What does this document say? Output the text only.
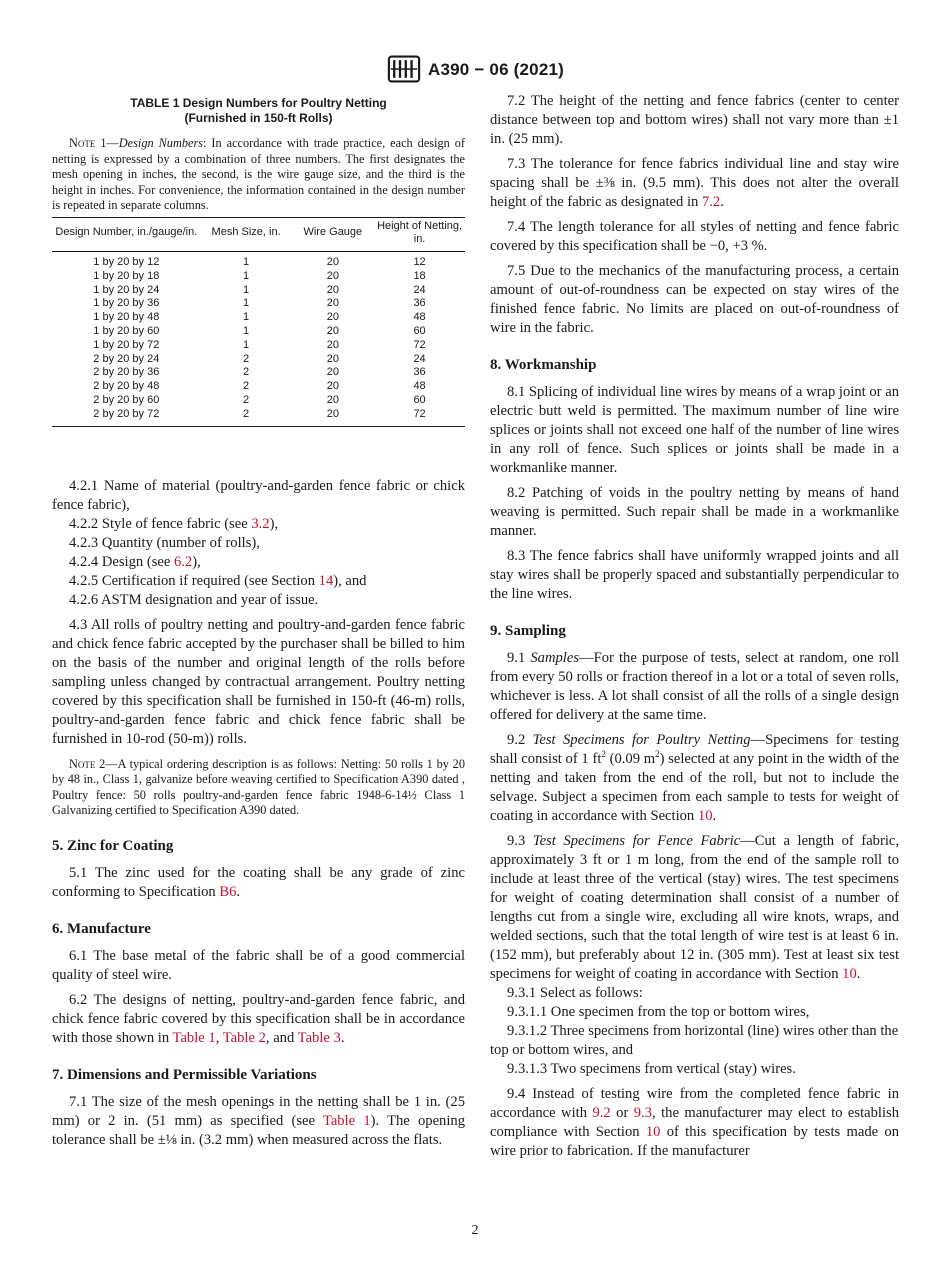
A390 − 06 (2021)
TABLE 1 Design Numbers for Poultry Netting
(Furnished in 150-ft Rolls)

Note 1—Design Numbers: In accordance with trade practice, each design of netting is expressed by a combination of three numbers. The first designates the mesh opening in inches, the second, is the wire gauge size, and the third is the height in inches. For convenience, the information contained in the design number is repeated in separate columns.

Design Number, in./gauge/in.	Mesh Size, in.	Wire Gauge	Height of Netting, in.
1 by 20 by 12	1	20	12
1 by 20 by 18	1	20	18
1 by 20 by 24	1	20	24
1 by 20 by 36	1	20	36
1 by 20 by 48	1	20	48
1 by 20 by 60	1	20	60
1 by 20 by 72	1	20	72
2 by 20 by 24	2	20	24
2 by 20 by 36	2	20	36
2 by 20 by 48	2	20	48
2 by 20 by 60	2	20	60
2 by 20 by 72	2	20	72

4.2.1 Name of material (poultry-and-garden fence fabric or chick fence fabric),

4.2.2 Style of fence fabric (see 3.2),

4.2.3 Quantity (number of rolls),

4.2.4 Design (see 6.2),

4.2.5 Certification if required (see Section 14), and

4.2.6 ASTM designation and year of issue.

4.3 All rolls of poultry netting and poultry-and-garden fence fabric and chick fence fabric accepted by the purchaser shall be billed to him on the basis of the number and original length of the rolls before sampling unless changed by contractual arrangement. Poultry netting covered by this specification shall be furnished in 150-ft (46-m) rolls, poultry-and-garden fence fabric and chick fence fabric shall be furnished in 10-rod (50-m)) rolls.

Note 2—A typical ordering description is as follows: Netting: 50 rolls 1 by 20 by 48 in., Class 1, galvanize before weaving certified to Specification A390 dated , Poultry fence: 50 rolls poultry-and-garden fence fabric 1948-6-14½ Class 1 Galvanizing certified to Specification A390 dated.

5. Zinc for Coating

5.1 The zinc used for the coating shall be any grade of zinc conforming to Specification B6.

6. Manufacture

6.1 The base metal of the fabric shall be of a good commercial quality of steel wire.

6.2 The designs of netting, poultry-and-garden fence fabric, and chick fence fabric covered by this specification shall be in accordance with those shown in Table 1, Table 2, and Table 3.

7. Dimensions and Permissible Variations

7.1 The size of the mesh openings in the netting shall be 1 in. (25 mm) or 2 in. (51 mm) as specified (see Table 1). The opening tolerance shall be ±⅛ in. (3.2 mm) when measured across the flats.

7.2 The height of the netting and fence fabrics (center to center distance between top and bottom wires) shall not vary more than ±1 in. (25 mm).

7.3 The tolerance for fence fabrics individual line and stay wire spacing shall be ±⅜ in. (9.5 mm). This does not alter the overall height of the fabric as designated in 7.2.

7.4 The length tolerance for all styles of netting and fence fabric covered by this specification shall be −0, +3 %.

7.5 Due to the mechanics of the manufacturing process, a certain amount of out-of-roundness can be expected on stay wires of the finished fence fabric. No limits are placed on out-of-roundness of wire in the fabric.

8. Workmanship

8.1 Splicing of individual line wires by means of a wrap joint or an electric butt weld is permitted. The maximum number of line wire splices or joints shall not exceed one half of the number of line wires in any roll of fence. Such splices or joints shall be made in a workmanlike manner.

8.2 Patching of voids in the poultry netting by means of hand weaving is permitted. Such repair shall be made in a workmanlike manner.

8.3 The fence fabrics shall have uniformly wrapped joints and all stay wires shall be properly spaced and substantially perpendicular to the line wires.

9. Sampling

9.1 Samples—For the purpose of tests, select at random, one roll from every 50 rolls or fraction thereof in a lot or a total of seven rolls, whichever is less. A lot shall consist of all the rolls of a single design offered for delivery at the same time.

9.2 Test Specimens for Poultry Netting—Specimens for testing shall consist of 1 $ft^2$ (0.09 $m^2$) selected at any point in the width of the netting and taken from the end of the roll, but not to include the selvage. Subject a specimen from each sample to tests for weight of coating in accordance with Section 10.

9.3 Test Specimens for Fence Fabric—Cut a length of fabric, approximately 3 ft or 1 m long, from the end of the sample roll to include at least three of the vertical (stay) wires. The test specimens for weight of coating determination shall consist of a number of lengths cut from a single wire, excluding all wire knots, wraps, and welded sections, such that the total length of wire test is at least 6 in. (152 mm), but preferably about 12 in. (305 mm). Test at least six test specimens for weight of coating in accordance with Section 10.

9.3.1 Select as follows:

9.3.1.1 One specimen from the top or bottom wires,

9.3.1.2 Three specimens from horizontal (line) wires other than the top or bottom wires, and

9.3.1.3 Two specimens from vertical (stay) wires.

9.4 Instead of testing wire from the completed fence fabric in accordance with 9.2 or 9.3, the manufacturer may elect to establish compliance with Section 10 of this specification by tests made on wire prior to fabrication. If the manufacturer

2
